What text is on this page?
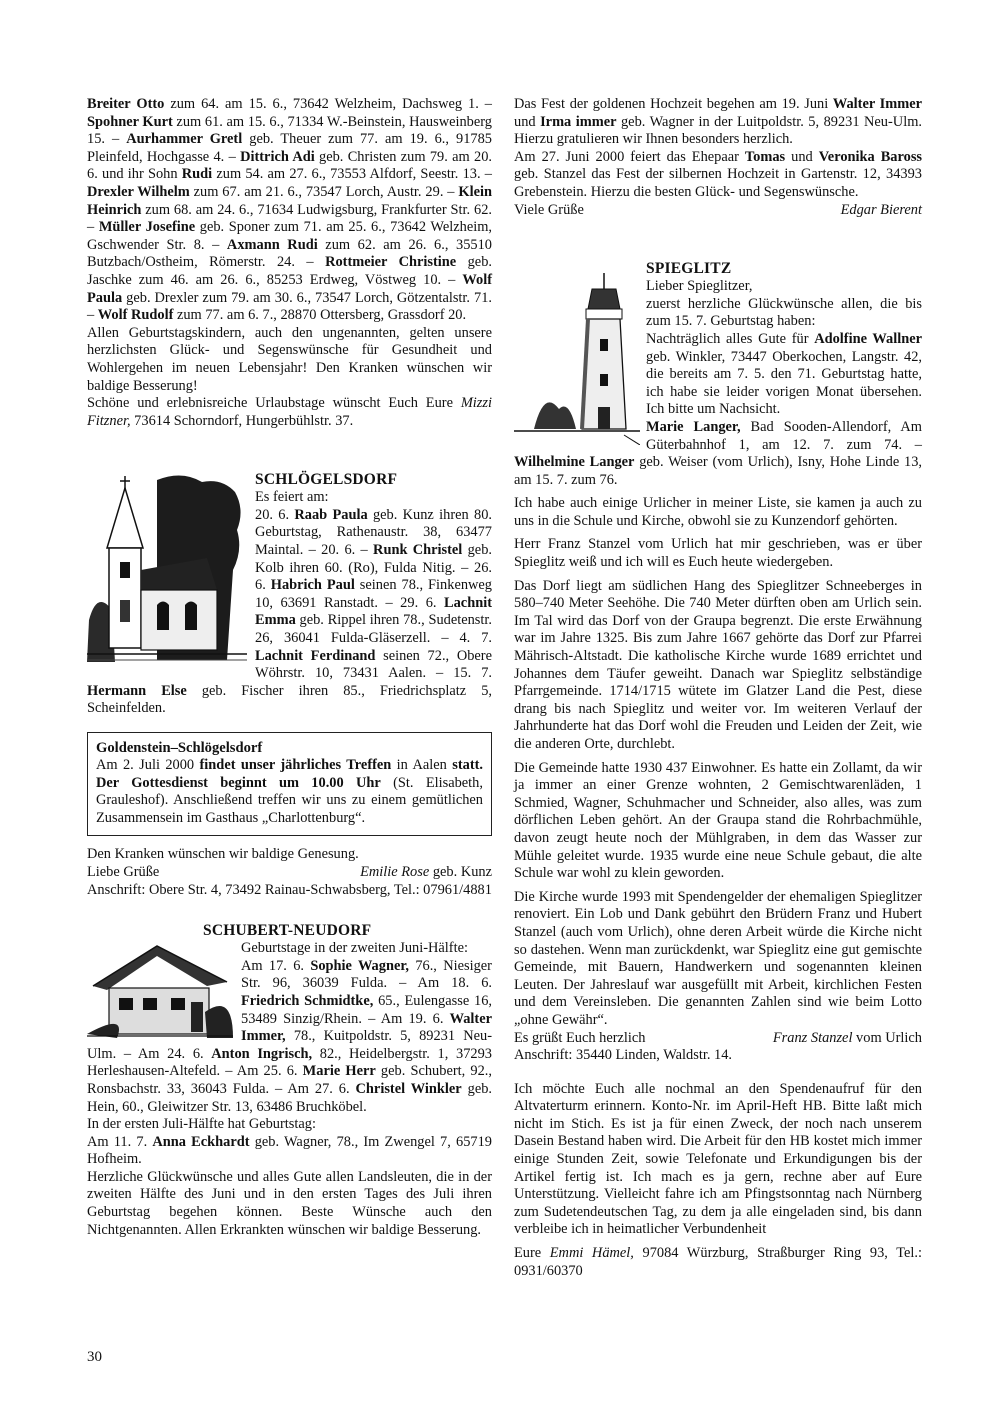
Breiter Otto zum 64. am 15. 6., 73642 Welzheim, Dachsweg 1. – Spohner Kurt zum 61. am 15. 6., 71334 W.-Beinstein, Hausweinberg 15. – Aurhammer Gretl geb. Theuer zum 77. am 19. 6., 91785 Pleinfeld, Hochgasse 4. – Dittrich Adi geb. Christen zum 79. am 20. 6. und ihr Sohn Rudi zum 54. am 27. 6., 73553 Alfdorf, Seestr. 13. – Drexler Wilhelm zum 67. am 21. 6., 73547 Lorch, Austr. 29. – Klein Heinrich zum 68. am 24. 6., 71634 Ludwigsburg, Frankfurter Str. 62. – Müller Josefine geb. Sponer zum 71. am 25. 6., 73642 Welzheim, Gschwender Str. 8. – Axmann Rudi zum 62. am 26. 6., 35510 Butzbach/Ostheim, Römerstr. 24. – Rottmeier Christine geb. Jaschke zum 46. am 26. 6., 85253 Erdweg, Vöstweg 10. – Wolf Paula geb. Drexler zum 79. am 30. 6., 73547 Lorch, Götzentalstr. 71. – Wolf Rudolf zum 77. am 6. 7., 28870 Ottersberg, Grassdorf 20.

Allen Geburtstagskindern, auch den ungenannten, gelten unsere herzlichsten Glück- und Segenswünsche für Gesundheit und Wohlergehen im neuen Lebensjahr! Den Kranken wünschen wir baldige Besserung!

Schöne und erlebnisreiche Urlaubstage wünscht Euch Eure Mizzi Fitzner, 73614 Schorndorf, Hungerbühlstr. 37.

SCHLÖGELSDORF

Es feiert am:

20. 6. Raab Paula geb. Kunz ihren 80. Geburtstag, Rathenaustr. 38, 63477 Maintal. – 20. 6. – Runk Christel geb. Kolb ihren 60. (Ro), Fulda Nitig. – 26. 6. Habrich Paul seinen 78., Finkenweg 10, 63691 Ranstadt. – 29. 6. Lachnit Emma geb. Rippel ihren 78., Sudetenstr. 26, 36041 Fulda-Gläserzell. – 4. 7. Lachnit Ferdinand seinen 72., Obere Wöhrstr. 10, 73431 Aalen. – 15. 7. Hermann Else geb. Fischer ihren 85., Friedrichsplatz 5, Scheinfelden.

Goldenstein–Schlögelsdorf

Am 2. Juli 2000 findet unser jährliches Treffen in Aalen statt. Der Gottesdienst beginnt um 10.00 Uhr (St. Elisabeth, Grauleshof). Anschließend treffen wir uns zu einem gemütlichen Zusammensein im Gasthaus „Charlottenburg“.

Den Kranken wünschen wir baldige Genesung.

Liebe Grüße	Emilie Rose geb. Kunz

Anschrift: Obere Str. 4, 73492 Rainau-Schwabsberg, Tel.: 07961/4881

SCHUBERT-NEUDORF

Geburtstage in der zweiten Juni-Hälfte:

Am 17. 6. Sophie Wagner, 76., Niesiger Str. 96, 36039 Fulda. – Am 18. 6. Friedrich Schmidtke, 65., Eulengasse 16, 53489 Sinzig/Rhein. – Am 19. 6. Walter Immer, 78., Kuitpoldstr. 5, 89231 Neu-Ulm. – Am 24. 6. Anton Ingrisch, 82., Heidelbergstr. 1, 37293 Herleshausen-Altefeld. – Am 25. 6. Marie Herr geb. Schubert, 92., Ronsbachstr. 33, 36043 Fulda. – Am 27. 6. Christel Winkler geb. Hein, 60., Gleiwitzer Str. 13, 63486 Bruchköbel.

In der ersten Juli-Hälfte hat Geburtstag:

Am 11. 7. Anna Eckhardt geb. Wagner, 78., Im Zwengel 7, 65719 Hofheim.

Herzliche Glückwünsche und alles Gute allen Landsleuten, die in der zweiten Hälfte des Juni und in den ersten Tages des Juli ihren Geburtstag begehen können. Beste Wünsche auch den Nichtgenannten. Allen Erkrankten wünschen wir baldige Besserung.

Das Fest der goldenen Hochzeit begehen am 19. Juni Walter Immer und Irma immer geb. Wagner in der Luitpoldstr. 5, 89231 Neu-Ulm. Hierzu gratulieren wir Ihnen besonders herzlich.

Am 27. Juni 2000 feiert das Ehepaar Tomas und Veronika Baross geb. Stanzel das Fest der silbernen Hochzeit in Gartenstr. 12, 34393 Grebenstein. Hierzu die besten Glück- und Segenswünsche.

Viele Grüße	Edgar Bierent

SPIEGLITZ

Lieber Spieglitzer,

zuerst herzliche Glückwünsche allen, die bis zum 15. 7. Geburtstag haben:

Nachträglich alles Gute für Adolfine Wallner geb. Winkler, 73447 Oberkochen, Langstr. 42, die bereits am 7. 5. den 71. Geburtstag hatte, ich habe sie leider vorigen Monat übersehen. Ich bitte um Nachsicht.

Marie Langer, Bad Sooden-Allendorf, Am Güterbahnhof 1, am 12. 7. zum 74. – Wilhelmine Langer geb. Weiser (vom Urlich), Isny, Hohe Linde 13, am 15. 7. zum 76.

Ich habe auch einige Urlicher in meiner Liste, sie kamen ja auch zu uns in die Schule und Kirche, obwohl sie zu Kunzendorf gehörten.

Herr Franz Stanzel vom Urlich hat mir geschrieben, was er über Spieglitz weiß und ich will es Euch heute wiedergeben.

Das Dorf liegt am südlichen Hang des Spieglitzer Schneeberges in 580–740 Meter Seehöhe. Die 740 Meter dürften oben am Urlich sein. Im Tal wird das Dorf von der Graupa begrenzt. Die erste Erwähnung war im Jahre 1325. Bis zum Jahre 1667 gehörte das Dorf zur Pfarrei Mährisch-Altstadt. Die katholische Kirche wurde 1689 errichtet und Johannes dem Täufer geweiht. Danach war Spieglitz selbständige Pfarrgemeinde. 1714/1715 wütete im Glatzer Land die Pest, diese drang bis nach Spieglitz und weiter vor. Im weiteren Verlauf der Jahrhunderte hat das Dorf wohl die Freuden und Leiden der Zeit, wie die anderen Orte, durchlebt.

Die Gemeinde hatte 1930 437 Einwohner. Es hatte ein Zollamt, da wir ja immer an einer Grenze wohnten, 2 Gemischtwarenläden, 1 Schmied, Wagner, Schuhmacher und Schneider, also alles, was zum dörflichen Leben gehört. An der Graupa stand die Rohrbachmühle, davon zeugt heute noch der Mühlgraben, in dem das Wasser zur Mühle geleitet wurde. 1935 wurde eine neue Schule gebaut, die alte Schule war wohl zu klein geworden.

Die Kirche wurde 1993 mit Spendengelder der ehemaligen Spieglitzer renoviert. Ein Lob und Dank gebührt den Brüdern Franz und Hubert Stanzel (auch vom Urlich), ohne deren Arbeit würde die Kirche nicht so dastehen. Wenn man zurückdenkt, war Spieglitz eine gut gemischte Gemeinde, mit Bauern, Handwerkern und sogenannten kleinen Leuten. Der Jahreslauf war ausgefüllt mit Arbeit, kirchlichen Festen und dem Vereinsleben. Die genannten Zahlen sind wie beim Lotto „ohne Gewähr“.

Es grüßt Euch herzlich	Franz Stanzel vom Urlich

Anschrift: 35440 Linden, Waldstr. 14.

Ich möchte Euch alle nochmal an den Spendenaufruf für den Altvaterturm erinnern. Konto-Nr. im April-Heft HB. Bitte laßt mich nicht im Stich. Es ist ja für einen Zweck, der noch nach unserem Dasein Bestand haben wird. Die Arbeit für den HB kostet mich immer einige Stunden Zeit, sowie Telefonate und Erkundigungen bis der Artikel fertig ist. Ich mach es ja gern, rechne aber auf Eure Unterstützung. Vielleicht fahre ich am Pfingstsonntag nach Nürnberg zum Sudetendeutschen Tag, zu dem ja alle eingeladen sind, bis dann verbleibe ich in heimatlicher Verbundenheit

Eure Emmi Hämel, 97084 Würzburg, Straßburger Ring 93, Tel.: 0931/60370

30
